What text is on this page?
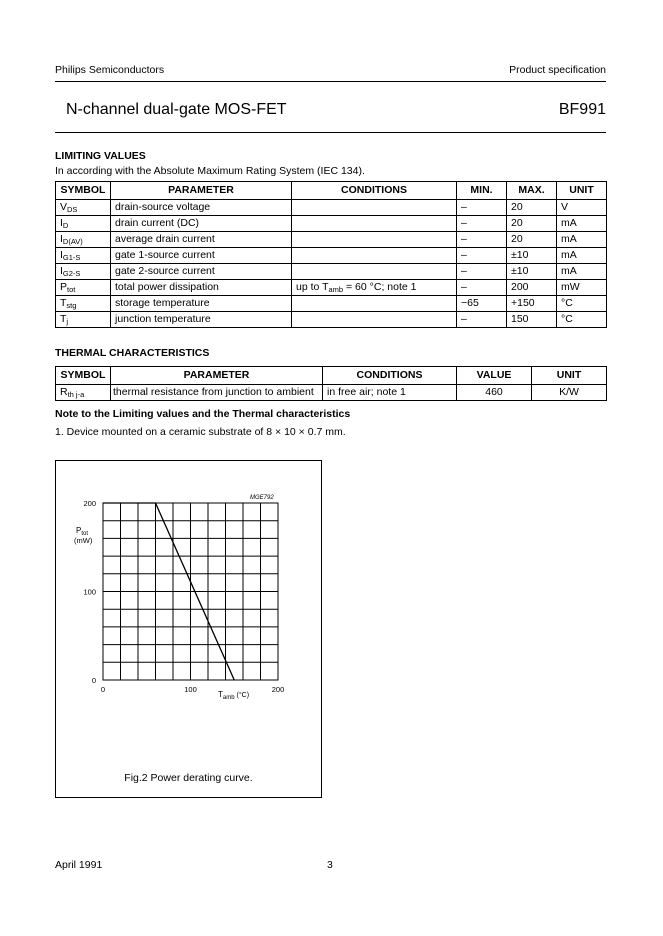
Philips Semiconductors	Product specification
N-channel dual-gate MOS-FET	BF991
LIMITING VALUES
In according with the Absolute Maximum Rating System (IEC 134).
SYMBOL	PARAMETER	CONDITIONS	MIN.	MAX.	UNIT
$V_{DS}$	drain-source voltage		–	20	V
$I_D$	drain current (DC)		–	20	mA
$I_{D(AV)}$	average drain current		–	20	mA
$I_{G1-S}$	gate 1-source current		–	±10	mA
$I_{G2-S}$	gate 2-source current		–	±10	mA
$P_{tot}$	total power dissipation	up to $T_{amb} = 60$ °C; note 1	–	200	mW
$T_{stg}$	storage temperature		−65	+150	°C
$T_j$	junction temperature		–	150	°C
THERMAL CHARACTERISTICS
SYMBOL	PARAMETER	CONDITIONS	VALUE	UNIT
$R_{th j-a}$	thermal resistance from junction to ambient	in free air; note 1	460	K/W
Note to the Limiting values and the Thermal characteristics
1. Device mounted on a ceramic substrate of 8 × 10 × 0.7 mm.
0
100
200
0	100	200
MGE792
$P_{tot}$
(mW)
$T_{amb}$ (°C)
Fig.2 Power derating curve.
April 1991	3
